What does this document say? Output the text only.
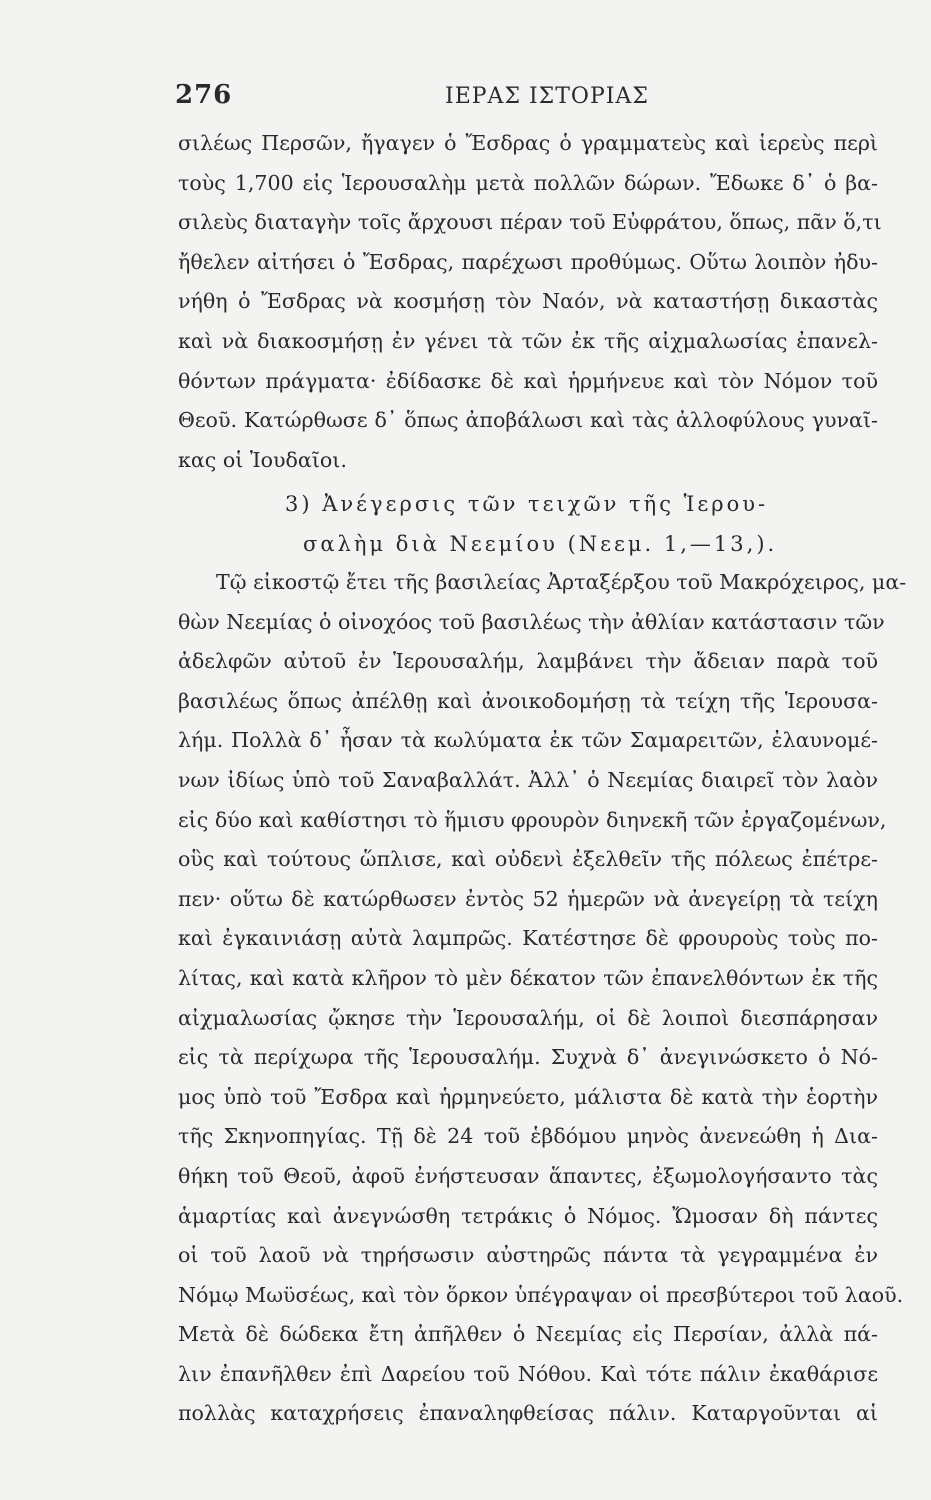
276	ΙΕΡΑΣ ΙΣΤΟΡΙΑΣ
σιλέως Περσῶν, ἤγαγεν ὁ Ἔσδρας ὁ γραμματεὺς καὶ ἱερεὺς περὶ
τοὺς 1,700 εἰς Ἱερουσαλὴμ μετὰ πολλῶν δώρων. Ἔδωκε δ᾽ ὁ βα-
σιλεὺς διαταγὴν τοῖς ἄρχουσι πέραν τοῦ Εὐφράτου, ὅπως, πᾶν ὅ,τι
ἤθελεν αἰτήσει ὁ Ἔσδρας, παρέχωσι προθύμως. Οὕτω λοιπὸν ἠδυ-
νήθη ὁ Ἔσδρας νὰ κοσμήσῃ τὸν Ναόν, νὰ καταστήσῃ δικαστὰς
καὶ νὰ διακοσμήσῃ ἐν γένει τὰ τῶν ἐκ τῆς αἰχμαλωσίας ἐπανελ-
θόντων πράγματα· ἐδίδασκε δὲ καὶ ἡρμήνευε καὶ τὸν Νόμον τοῦ
Θεοῦ. Κατώρθωσε δ᾽ ὅπως ἀποβάλωσι καὶ τὰς ἀλλοφύλους γυναῖ-
κας οἱ Ἰουδαῖοι.
3) Ἀνέγερσις τῶν τειχῶν τῆς Ἱερου-
σαλὴμ διὰ Νεεμίου (Νεεμ. 1,—13,).
Τῷ εἰκοστῷ ἔτει τῆς βασιλείας Ἀρταξέρξου τοῦ Μακρόχειρος, μα-
θὼν Νεεμίας ὁ οἰνοχόος τοῦ βασιλέως τὴν ἀθλίαν κατάστασιν τῶν
ἀδελφῶν αὐτοῦ ἐν Ἱερουσαλήμ, λαμβάνει τὴν ἄδειαν παρὰ τοῦ
βασιλέως ὅπως ἀπέλθῃ καὶ ἀνοικοδομήσῃ τὰ τείχη τῆς Ἱερουσα-
λήμ. Πολλὰ δ᾽ ἦσαν τὰ κωλύματα ἐκ τῶν Σαμαρειτῶν, ἐλαυνομέ-
νων ἰδίως ὑπὸ τοῦ Σαναβαλλάτ. Ἀλλ᾽ ὁ Νεεμίας διαιρεῖ τὸν λαὸν
εἰς δύο καὶ καθίστησι τὸ ἥμισυ φρουρὸν διηνεκῆ τῶν ἐργαζομένων,
οὓς καὶ τούτους ὥπλισε, καὶ οὐδενὶ ἐξελθεῖν τῆς πόλεως ἐπέτρε-
πεν· οὕτω δὲ κατώρθωσεν ἐντὸς 52 ἡμερῶν νὰ ἀνεγείρῃ τὰ τείχη
καὶ ἐγκαινιάσῃ αὐτὰ λαμπρῶς. Κατέστησε δὲ φρουροὺς τοὺς πο-
λίτας, καὶ κατὰ κλῆρον τὸ μὲν δέκατον τῶν ἐπανελθόντων ἐκ τῆς
αἰχμαλωσίας ᾤκησε τὴν Ἱερουσαλήμ, οἱ δὲ λοιποὶ διεσπάρησαν
εἰς τὰ περίχωρα τῆς Ἱερουσαλήμ. Συχνὰ δ᾽ ἀνεγινώσκετο ὁ Νό-
μος ὑπὸ τοῦ Ἔσδρα καὶ ἡρμηνεύετο, μάλιστα δὲ κατὰ τὴν ἑορτὴν
τῆς Σκηνοπηγίας. Τῇ δὲ 24 τοῦ ἑβδόμου μηνὸς ἀνενεώθη ἡ Δια-
θήκη τοῦ Θεοῦ, ἀφοῦ ἐνήστευσαν ἅπαντες, ἐξωμολογήσαντο τὰς
ἁμαρτίας καὶ ἀνεγνώσθη τετράκις ὁ Νόμος. Ὤμοσαν δὴ πάντες
οἱ τοῦ λαοῦ νὰ τηρήσωσιν αὐστηρῶς πάντα τὰ γεγραμμένα ἐν
Νόμῳ Μωϋσέως, καὶ τὸν ὅρκον ὑπέγραψαν οἱ πρεσβύτεροι τοῦ λαοῦ.
Μετὰ δὲ δώδεκα ἔτη ἀπῆλθεν ὁ Νεεμίας εἰς Περσίαν, ἀλλὰ πά-
λιν ἐπανῆλθεν ἐπὶ Δαρείου τοῦ Νόθου. Καὶ τότε πάλιν ἐκαθάρισε
πολλὰς καταχρήσεις ἐπαναληφθείσας πάλιν. Καταργοῦνται αἱ
